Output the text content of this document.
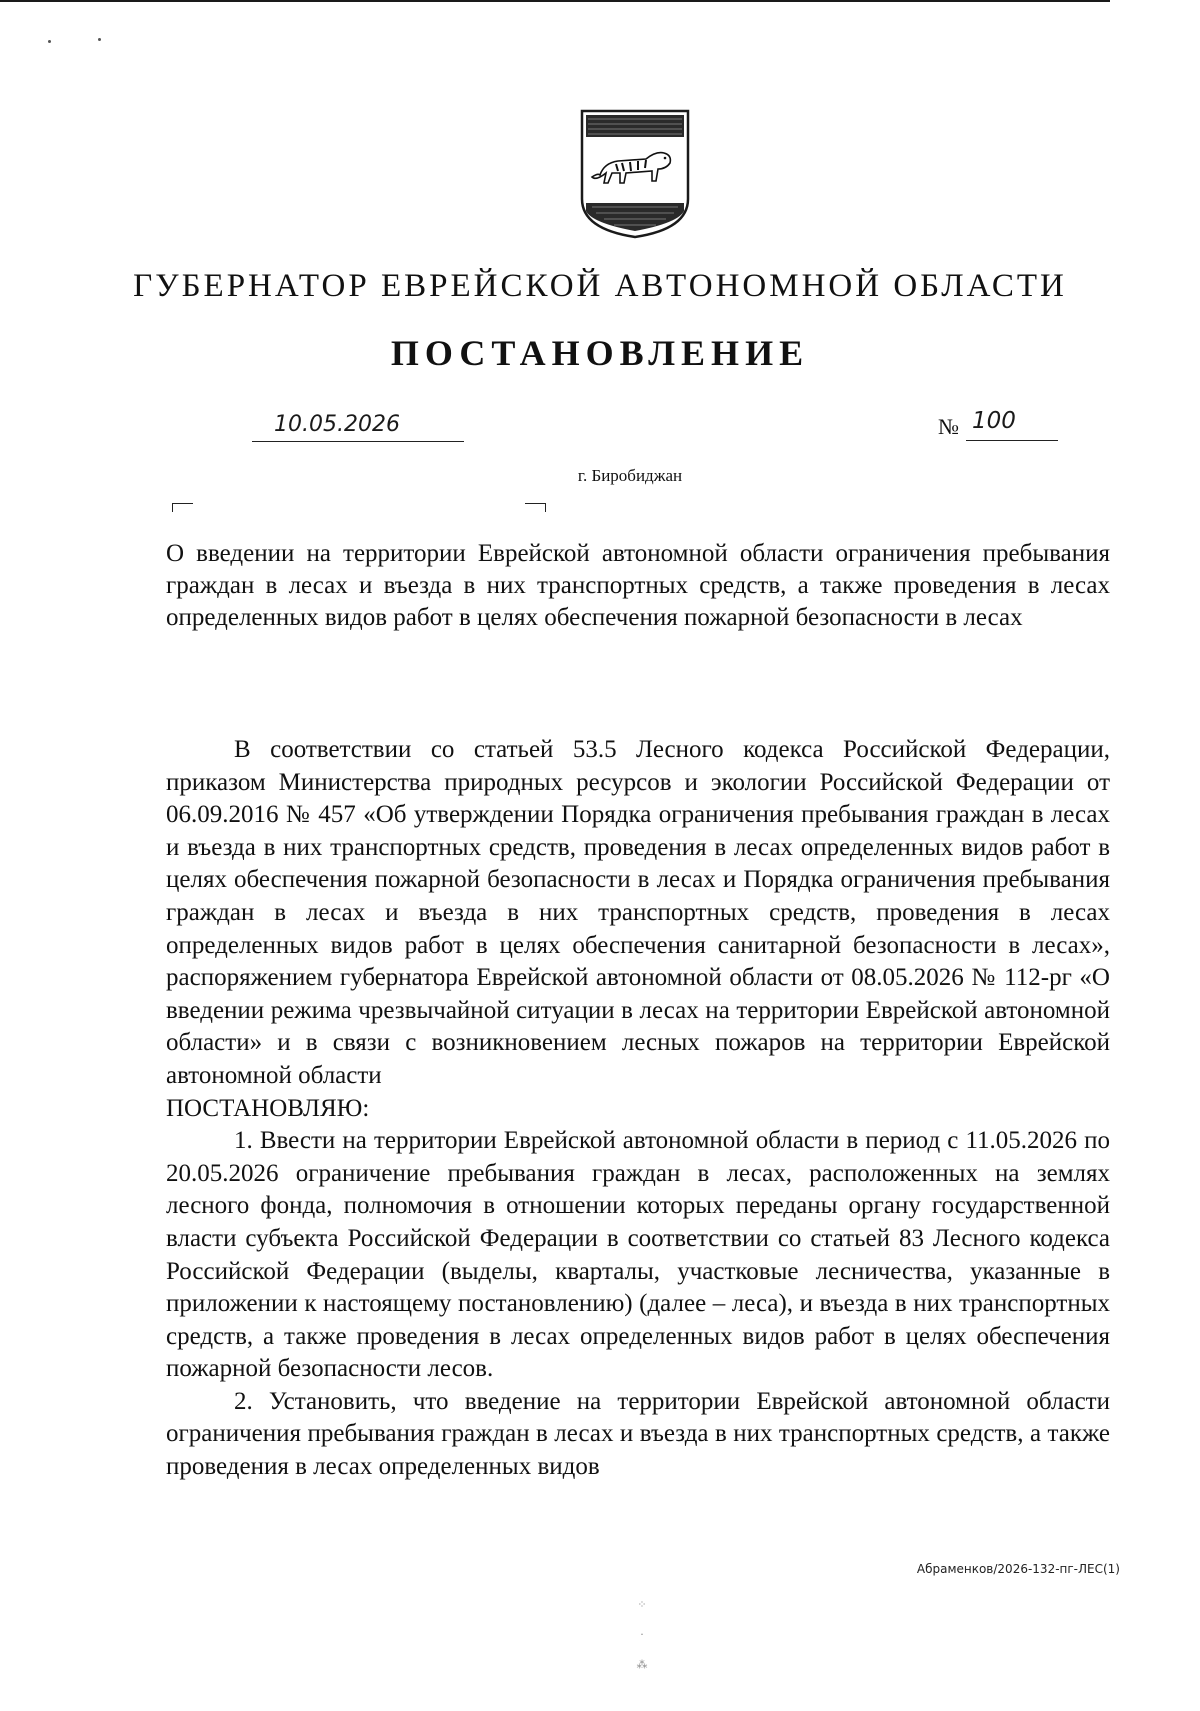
ГУБЕРНАТОР ЕВРЕЙСКОЙ АВТОНОМНОЙ ОБЛАСТИ
ПОСТАНОВЛЕНИЕ
10.05.2026	№ 100
г. Биробиджан
О введении на территории Еврейской автономной области ограничения пребывания граждан в лесах и въезда в них транспортных средств, а также проведения в лесах определенных видов работ в целях обеспечения пожарной безопасности в лесах

В соответствии со статьей 53.5 Лесного кодекса Российской Федерации, приказом Министерства природных ресурсов и экологии Российской Федерации от 06.09.2016 № 457 «Об утверждении Порядка ограничения пребывания граждан в лесах и въезда в них транспортных средств, проведения в лесах определенных видов работ в целях обеспечения пожарной безопасности в лесах и Порядка ограничения пребывания граждан в лесах и въезда в них транспортных средств, проведения в лесах определенных видов работ в целях обеспечения санитарной безопасности в лесах», распоряжением губернатора Еврейской автономной области от 08.05.2026 № 112-рг «О введении режима чрезвычайной ситуации в лесах на территории Еврейской автономной области» и в связи с возникновением лесных пожаров на территории Еврейской автономной области

ПОСТАНОВЛЯЮ:

1. Ввести на территории Еврейской автономной области в период с 11.05.2026 по 20.05.2026 ограничение пребывания граждан в лесах, расположенных на землях лесного фонда, полномочия в отношении которых переданы органу государственной власти субъекта Российской Федерации в соответствии со статьей 83 Лесного кодекса Российской Федерации (выделы, кварталы, участковые лесничества, указанные в приложении к настоящему постановлению) (далее – леса), и въезда в них транспортных средств, а также проведения в лесах определенных видов работ в целях обеспечения пожарной безопасности лесов.

2. Установить, что введение на территории Еврейской автономной области ограничения пребывания граждан в лесах и въезда в них транспортных средств, а также проведения в лесах определенных видов

Абраменков/2026-132-пг-ЛЕС(1)
⁘
·
⁂
